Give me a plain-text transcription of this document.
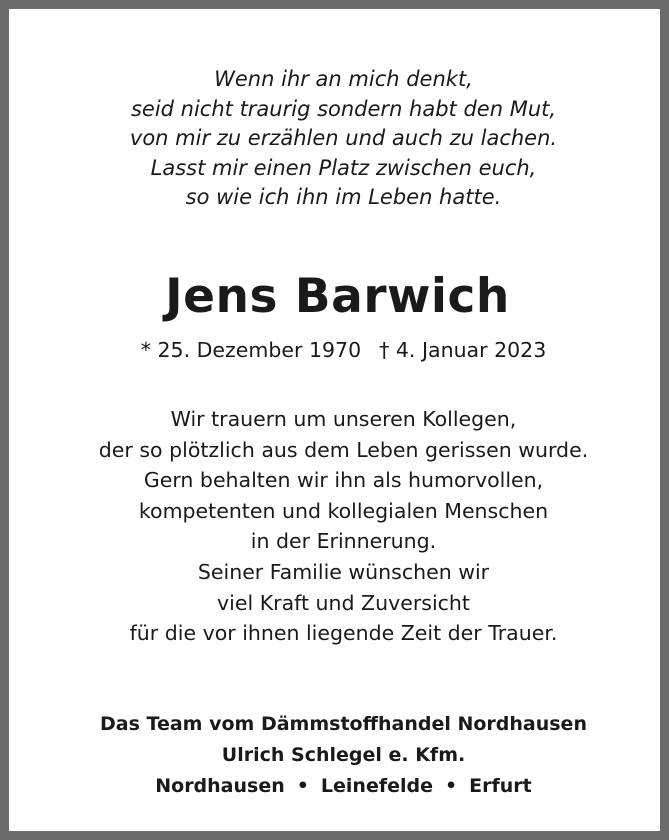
Wenn ihr an mich denkt,
seid nicht traurig sondern habt den Mut,
von mir zu erzählen und auch zu lachen.
Lasst mir einen Platz zwischen euch,
so wie ich ihn im Leben hatte.
Jens Barwich
* 25. Dezember 1970 † 4. Januar 2023
Wir trauern um unseren Kollegen,
der so plötzlich aus dem Leben gerissen wurde.
Gern behalten wir ihn als humorvollen,
kompetenten und kollegialen Menschen
in der Erinnerung.
Seiner Familie wünschen wir
viel Kraft und Zuversicht
für die vor ihnen liegende Zeit der Trauer.
Das Team vom Dämmstoffhandel Nordhausen
Ulrich Schlegel e. Kfm.
Nordhausen • Leinefelde • Erfurt
